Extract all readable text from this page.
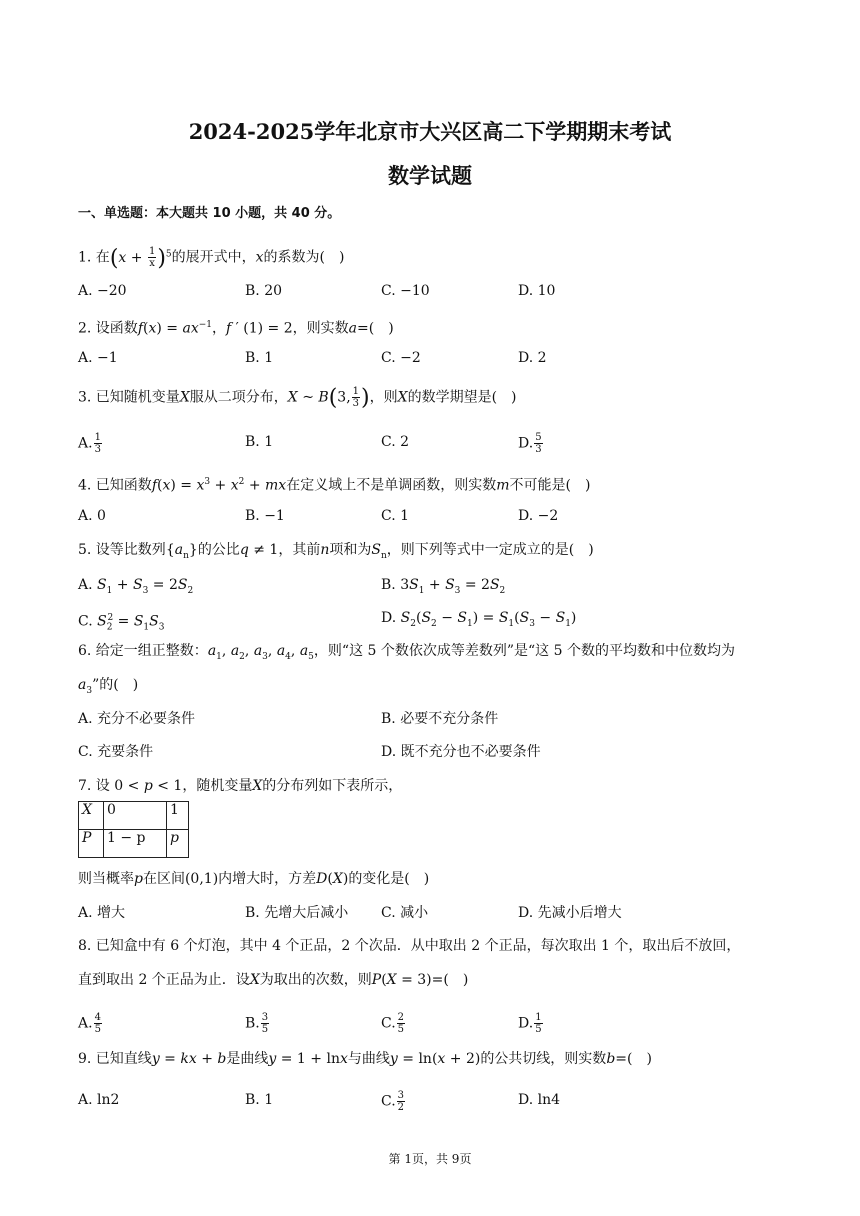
2024-2025学年北京市大兴区高二下学期期末考试
数学试题
一、单选题：本大题共 10 小题，共 40 分。
1. 在$(x + \frac{1}{x} )^5$的展开式中，x的系数为( )
A. −20	B. 20	C. −10	D. 10
2. 设函数$f(x) = ax^{-1}$，f ′ (1) = 2，则实数a=( )
A. −1	B. 1	C. −2	D. 2
3. 已知随机变量X服从二项分布，X ~ B(3, $\frac{1}{3}$ )，则X的数学期望是( )
A. $\frac{1}{3}$	B. 1	C. 2	D. $\frac{5}{3}$
4. 已知函数$f(x) = x^3 + x^2$ + mx在定义域上不是单调函数，则实数m不可能是( )
A. 0	B. −1	C. 1	D. −2
5. 设等比数列$\{a_n\}$的公比q ≠ 1，其前n项和为$S_n$，则下列等式中一定成立的是( )
A. $S_1 + S_3 = 2S_2$	B. $3S_1 + S_3 = 2S_2$
C. $S_2^2 = S_1S_3$
D. $S_2(S_2 - S_1) = S_1(S_3 - S_1)$
6. 给定一组正整数：$a_1$, $a_2$, $a_3$, $a_4$, $a_5$，则“这 5 个数依次成等差数列”是“这 5 个数的平均数和中位数均为
$a_3$”的( )
A. 充分不必要条件	B. 必要不充分条件
C. 充要条件	D. 既不充分也不必要条件
7. 设 0 < p < 1，随机变量X的分布列如下表所示，
X	0	1
P	1 − p	p
则当概率p在区间(0,1)内增大时，方差D(X)的变化是( )
A. 增大	B. 先增大后减小 C. 减小	D. 先减小后增大
8. 已知盒中有 6 个灯泡，其中 4 个正品，2 个次品．从中取出 2 个正品，每次取出 1 个，取出后不放回，
直到取出 2 个正品为止．设X为取出的次数，则P(X = 3)=( )
A. $\frac{4}{5}$	B. $\frac{3}{5}$	C. $\frac{2}{5}$	D. $\frac{1}{5}$
9. 已知直线y = kx + b是曲线y = 1 + lnx与曲线y = ln(x + 2)的公共切线，则实数b=( )
A. ln2	B. 1	C. $\frac{3}{2}$	D. ln4
第 1页，共 9页
